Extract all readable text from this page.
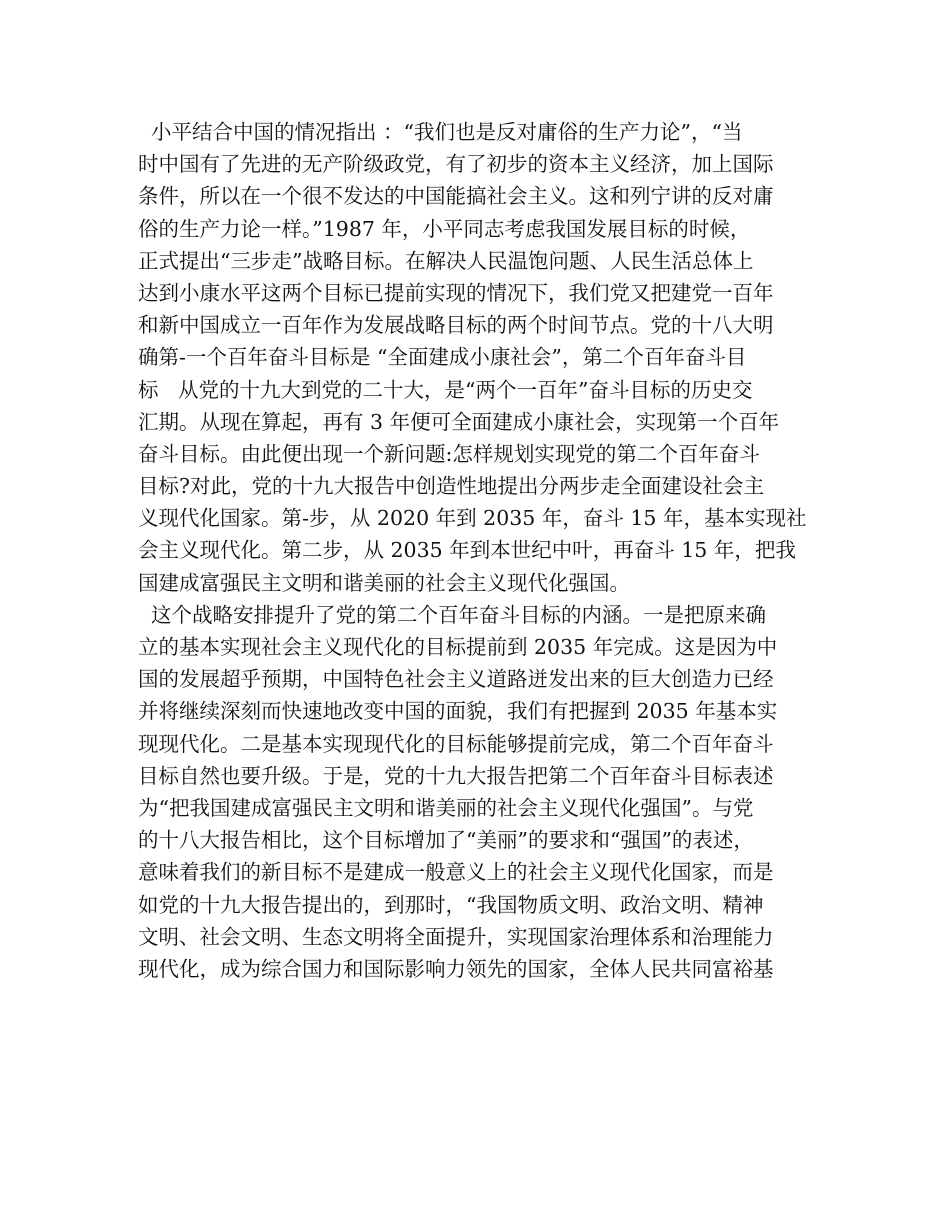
小平结合中国的情况指出 ：“我们也是反对庸俗的生产力论”，“当
时中国有了先进的无产阶级政党，有了初步的资本主义经济，加上国际
条件，所以在一个很不发达的中国能搞社会主义。这和列宁讲的反对庸
俗的生产力论一样。”1987 年，小平同志考虑我国发展目标的时候，
正式提出“三步走”战略目标。在解决人民温饱问题、人民生活总体上
达到小康水平这两个目标已提前实现的情况下，我们党又把建党一百年
和新中国成立一百年作为发展战略目标的两个时间节点。党的十八大明
确第-一个百年奋斗目标是 “全面建成小康社会”，第二个百年奋斗目
标   从党的十九大到党的二十大，是“两个一百年”奋斗目标的历史交
汇期。从现在算起，再有 3 年便可全面建成小康社会，实现第一个百年
奋斗目标。由此便出现一个新问题:怎样规划实现党的第二个百年奋斗
目标?对此，党的十九大报告中创造性地提出分两步走全面建设社会主
义现代化国家。第-步，从 2020 年到 2035 年，奋斗 15 年，基本实现社
会主义现代化。第二步，从 2035 年到本世纪中叶，再奋斗 15 年，把我
国建成富强民主文明和谐美丽的社会主义现代化强国。
这个战略安排提升了党的第二个百年奋斗目标的内涵。一是把原来确
立的基本实现社会主义现代化的目标提前到 2035 年完成。这是因为中
国的发展超乎预期，中国特色社会主义道路迸发出来的巨大创造力已经
并将继续深刻而快速地改变中国的面貌，我们有把握到 2035 年基本实
现现代化。二是基本实现现代化的目标能够提前完成，第二个百年奋斗
目标自然也要升级。于是，党的十九大报告把第二个百年奋斗目标表述
为“把我国建成富强民主文明和谐美丽的社会主义现代化强国”。与党
的十八大报告相比，这个目标增加了“美丽”的要求和“强国”的表述，
意味着我们的新目标不是建成一般意义上的社会主义现代化国家，而是
如党的十九大报告提出的，到那时，“我国物质文明、政治文明、精神
文明、社会文明、生态文明将全面提升，实现国家治理体系和治理能力
现代化，成为综合国力和国际影响力领先的国家，全体人民共同富裕基
